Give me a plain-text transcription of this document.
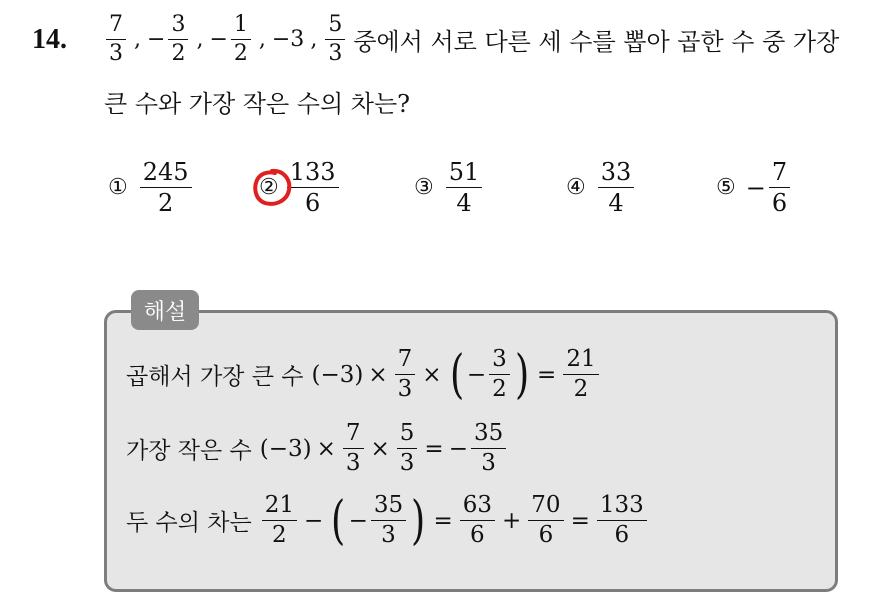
14. $\frac{7}{3}$ , − $\frac{3}{2}$ , − $\frac{1}{2}$ , −3 , $\frac{5}{3}$ 중에서 서로 다른 세 수를 뽑아 곱한 수 중 가장
큰 수와 가장 작은 수의 차는?
① $\frac{245}{2}$	② $\frac{133}{6}$	③ $\frac{51}{4}$	④ $\frac{33}{4}$	⑤ − $\frac{7}{6}$
해설
곱해서 가장 큰 수 $(-3) \times \frac{7}{3}$ × ( − $\frac{3}{2}$ ) = $\frac{21}{2}$
가장 작은 수 $(-3) \times \frac{7}{3} \times \frac{5}{3}$ = − $\frac{35}{3}$
두 수의 차는 $\frac{21}{2}$ − ( − $\frac{35}{3}$ ) = $\frac{63}{6} + \frac{70}{6} = \frac{133}{6}$
